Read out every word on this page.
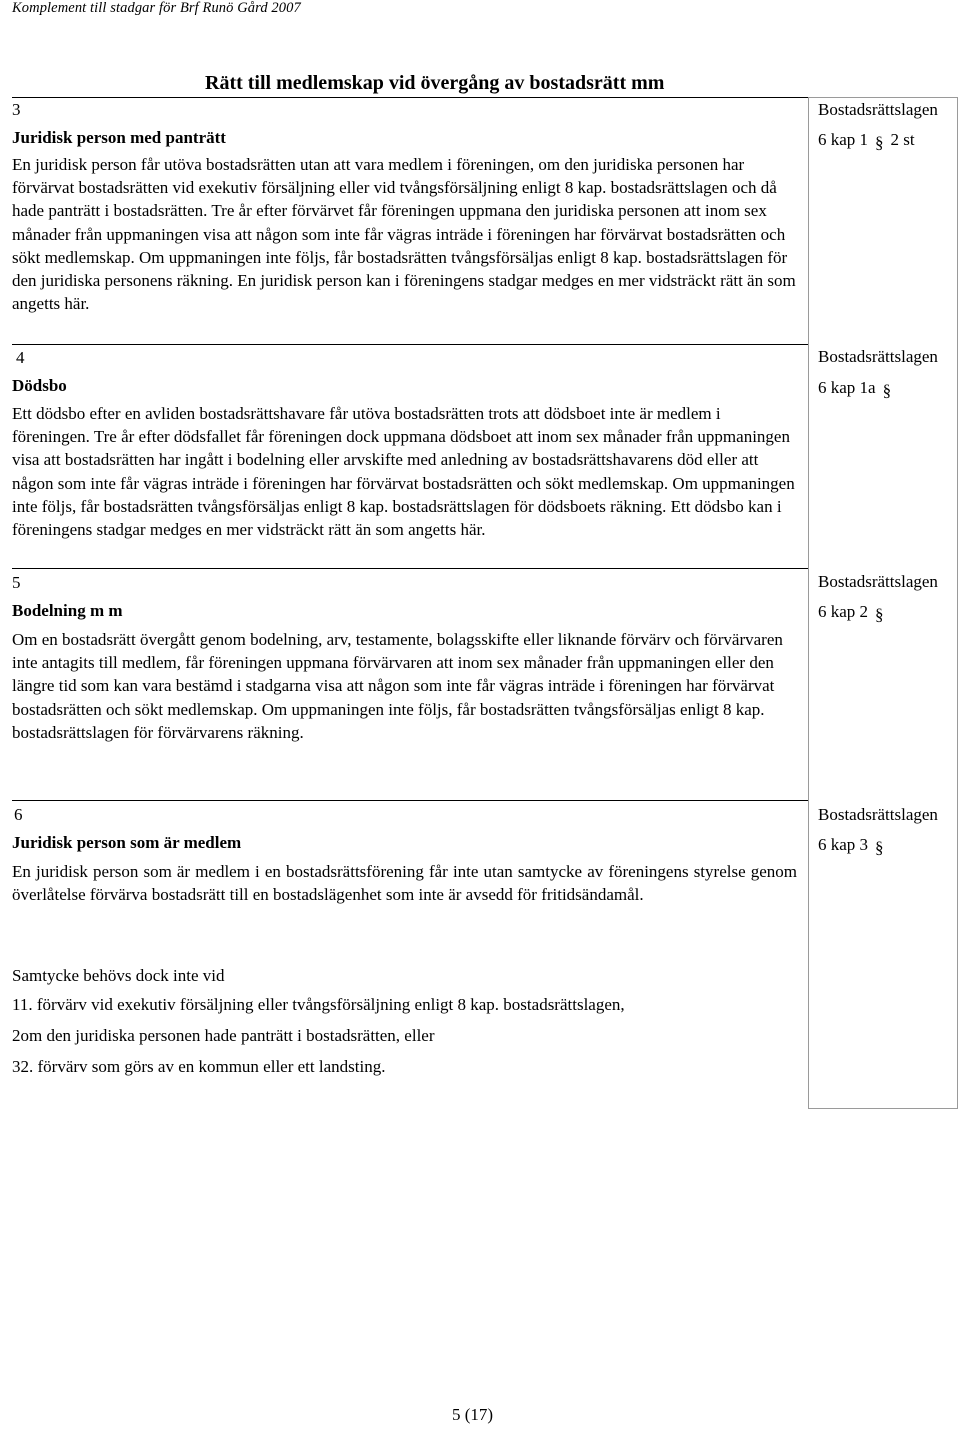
Komplement till stadgar för Brf Runö Gård 2007
Rätt till medlemskap vid övergång av bostadsrätt mm
3
Juridisk person med panträtt

En juridisk person får utöva bostadsrätten utan att vara medlem i föreningen, om den juridiska personen har förvärvat bostadsrätten vid exekutiv försäljning eller vid tvångsförsäljning enligt 8 kap. bostadsrättslagen och då hade panträtt i bostadsrätten. Tre år efter förvärvet får föreningen uppmana den juridiska personen att inom sex månader från uppmaningen visa att någon som inte får vägras inträde i föreningen har förvärvat bostadsrätten och sökt medlemskap. Om uppmaningen inte följs, får bostadsrätten tvångsförsäljas enligt 8 kap. bostadsrättslagen för den juridiska personens räkning. En juridisk person kan i föreningens stadgar medges en mer vidsträckt rätt än som angetts här.

Bostadsrättslagen
6 kap 1 § 2 st
4
Dödsbo

Ett dödsbo efter en avliden bostadsrättshavare får utöva bostadsrätten trots att dödsboet inte är medlem i föreningen. Tre år efter dödsfallet får föreningen dock uppmana dödsboet att inom sex månader från uppmaningen visa att bostadsrätten har ingått i bodelning eller arvskifte med anledning av bostadsrättshavarens död eller att någon som inte får vägras inträde i föreningen har förvärvat bostadsrätten och sökt medlemskap. Om uppmaningen inte följs, får bostadsrätten tvångsförsäljas enligt 8 kap. bostadsrättslagen för dödsboets räkning. Ett dödsbo kan i föreningens stadgar medges en mer vidsträckt rätt än som angetts här.

Bostadsrättslagen
6 kap 1a §
5
Bodelning m m

Om en bostadsrätt övergått genom bodelning, arv, testamente, bolagsskifte eller liknande förvärv och förvärvaren inte antagits till medlem, får föreningen uppmana förvärvaren att inom sex månader från uppmaningen eller den längre tid som kan vara bestämd i stadgarna visa att någon som inte får vägras inträde i föreningen har förvärvat bostadsrätten och sökt medlemskap. Om uppmaningen inte följs, får bostadsrätten tvångsförsäljas enligt 8 kap. bostadsrättslagen för förvärvarens räkning.

Bostadsrättslagen
6 kap 2 §
6
Juridisk person som är medlem

En juridisk person som är medlem i en bostadsrättsförening får inte utan samtycke av föreningens styrelse genom överlåtelse förvärva bostadsrätt till en bostadslägenhet som inte är avsedd för fritidsändamål.

Samtycke behövs dock inte vid
11. förvärv vid exekutiv försäljning eller tvångsförsäljning enligt 8 kap. bostadsrättslagen,
2om den juridiska personen hade panträtt i bostadsrätten, eller
32. förvärv som görs av en kommun eller ett landsting.
Bostadsrättslagen
6 kap 3 §
5 (17)
